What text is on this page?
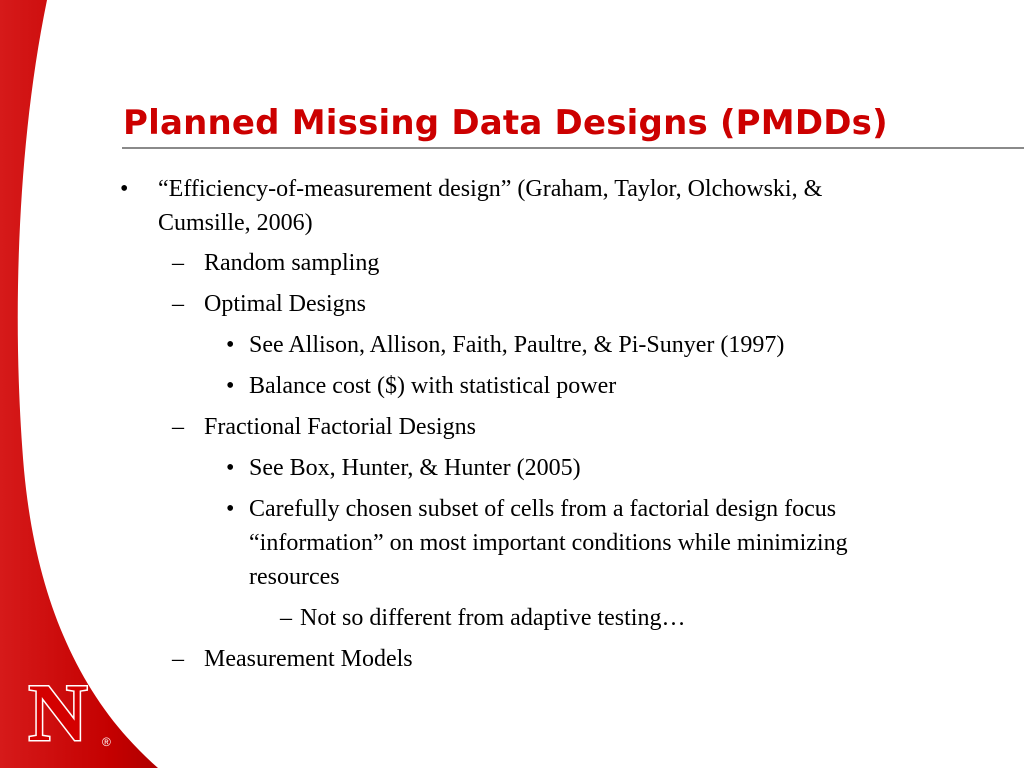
Planned Missing Data Designs (PMDDs)
• “Efficiency-of-measurement design” (Graham, Taylor, Olchowski, &
Cumsille, 2006)
– Random sampling
– Optimal Designs
• See Allison, Allison, Faith, Paultre, & Pi-Sunyer (1997)
• Balance cost ($) with statistical power
– Fractional Factorial Designs
• See Box, Hunter, & Hunter (2005)
• Carefully chosen subset of cells from a factorial design focus
“information” on most important conditions while minimizing
resources
– Not so different from adaptive testing…
– Measurement Models
N ®
